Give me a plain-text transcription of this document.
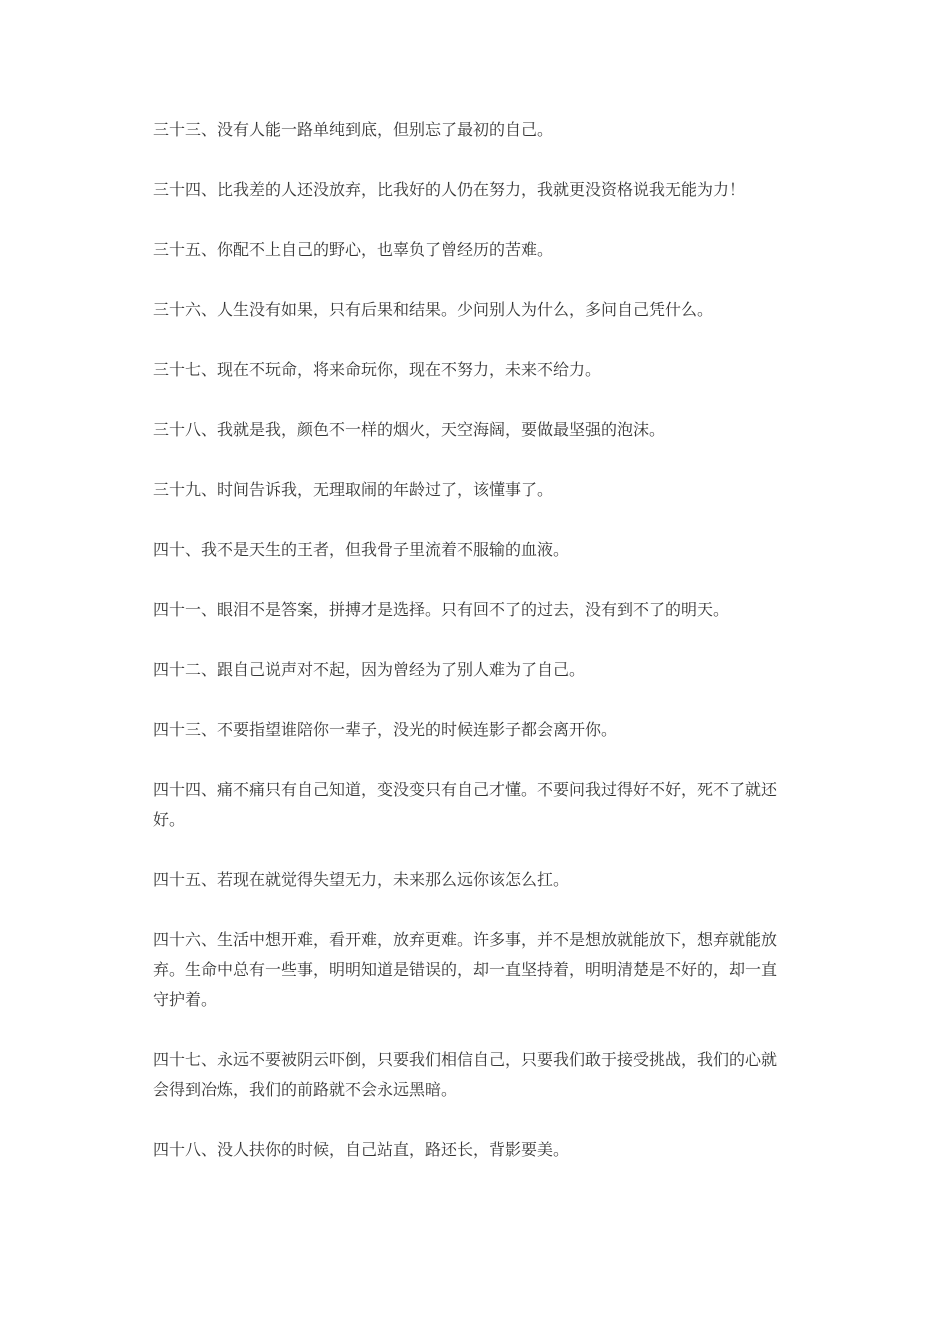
三十三、没有人能一路单纯到底，但别忘了最初的自己。

三十四、比我差的人还没放弃，比我好的人仍在努力，我就更没资格说我无能为力！

三十五、你配不上自己的野心，也辜负了曾经历的苦难。

三十六、人生没有如果，只有后果和结果。少问别人为什么，多问自己凭什么。

三十七、现在不玩命，将来命玩你，现在不努力，未来不给力。

三十八、我就是我，颜色不一样的烟火，天空海阔，要做最坚强的泡沫。

三十九、时间告诉我，无理取闹的年龄过了，该懂事了。

四十、我不是天生的王者，但我骨子里流着不服输的血液。

四十一、眼泪不是答案，拼搏才是选择。只有回不了的过去，没有到不了的明天。

四十二、跟自己说声对不起，因为曾经为了别人难为了自己。

四十三、不要指望谁陪你一辈子，没光的时候连影子都会离开你。

四十四、痛不痛只有自己知道，变没变只有自己才懂。不要问我过得好不好，死不了就还好。

四十五、若现在就觉得失望无力，未来那么远你该怎么扛。

四十六、生活中想开难，看开难，放弃更难。许多事，并不是想放就能放下，想弃就能放弃。生命中总有一些事，明明知道是错误的，却一直坚持着，明明清楚是不好的，却一直守护着。

四十七、永远不要被阴云吓倒，只要我们相信自己，只要我们敢于接受挑战，我们的心就会得到冶炼，我们的前路就不会永远黑暗。

四十八、没人扶你的时候，自己站直，路还长，背影要美。
